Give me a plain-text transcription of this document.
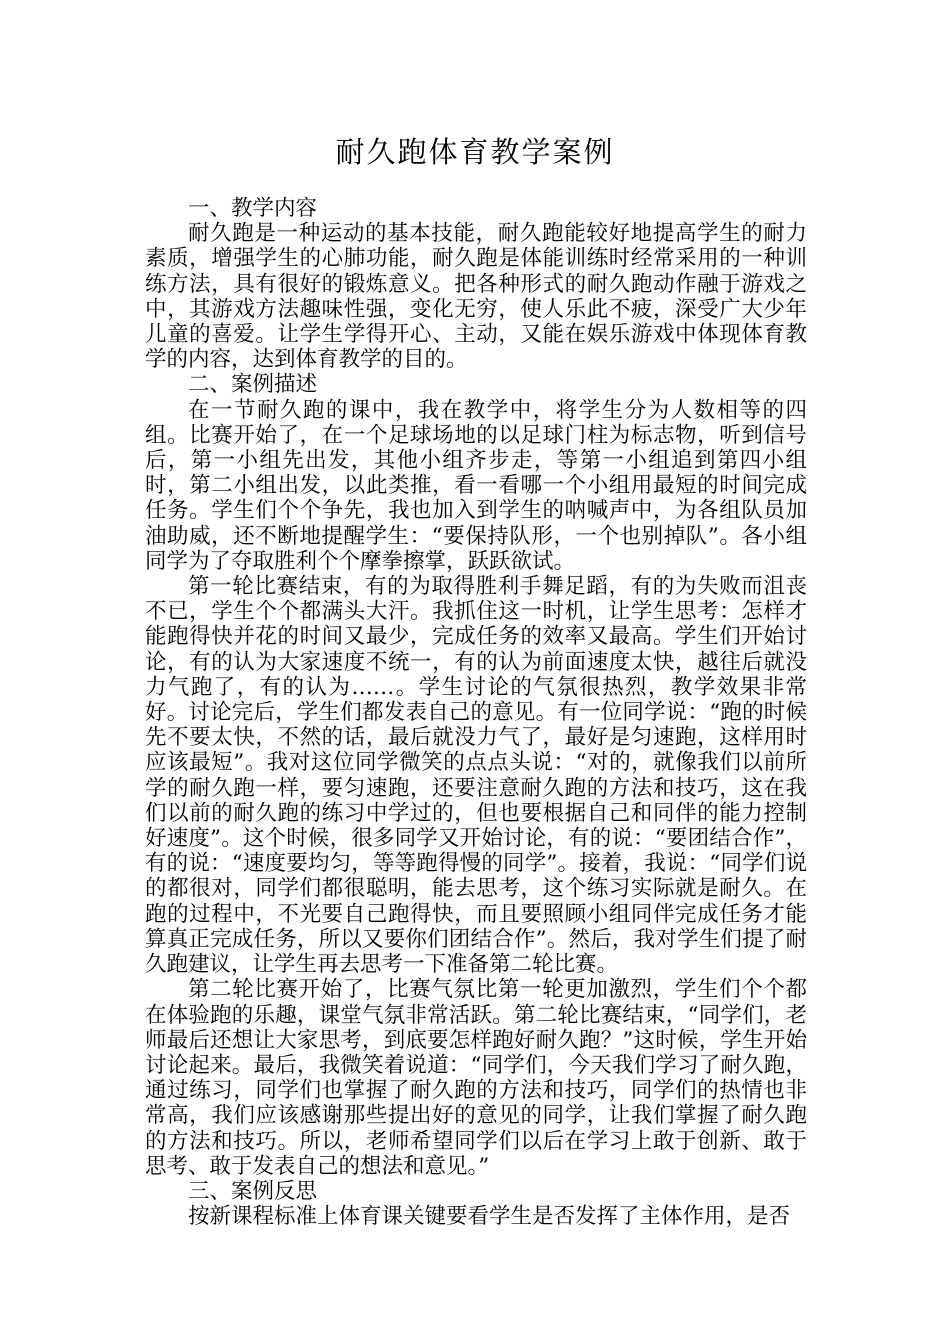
耐久跑体育教学案例

一、教学内容

耐久跑是一种运动的基本技能，耐久跑能较好地提高学生的耐力素质，增强学生的心肺功能，耐久跑是体能训练时经常采用的一种训练方法，具有很好的锻炼意义。把各种形式的耐久跑动作融于游戏之中，其游戏方法趣味性强，变化无穷，使人乐此不疲，深受广大少年儿童的喜爱。让学生学得开心、主动，又能在娱乐游戏中体现体育教学的内容，达到体育教学的目的。

二、案例描述

在一节耐久跑的课中，我在教学中，将学生分为人数相等的四组。比赛开始了，在一个足球场地的以足球门柱为标志物，听到信号后，第一小组先出发，其他小组齐步走，等第一小组追到第四小组时，第二小组出发，以此类推，看一看哪一个小组用最短的时间完成任务。学生们个个争先，我也加入到学生的呐喊声中，为各组队员加油助威，还不断地提醒学生：“要保持队形，一个也别掉队”。各小组同学为了夺取胜利个个摩拳擦掌，跃跃欲试。

第一轮比赛结束，有的为取得胜利手舞足蹈，有的为失败而沮丧不已，学生个个都满头大汗。我抓住这一时机，让学生思考：怎样才能跑得快并花的时间又最少，完成任务的效率又最高。学生们开始讨论，有的认为大家速度不统一，有的认为前面速度太快，越往后就没力气跑了，有的认为……。学生讨论的气氛很热烈，教学效果非常好。讨论完后，学生们都发表自己的意见。有一位同学说：“跑的时候先不要太快，不然的话，最后就没力气了，最好是匀速跑，这样用时应该最短”。我对这位同学微笑的点点头说：“对的，就像我们以前所学的耐久跑一样，要匀速跑，还要注意耐久跑的方法和技巧，这在我们以前的耐久跑的练习中学过的，但也要根据自己和同伴的能力控制好速度”。这个时候，很多同学又开始讨论，有的说：“要团结合作”，有的说：“速度要均匀，等等跑得慢的同学”。接着，我说：“同学们说的都很对，同学们都很聪明，能去思考，这个练习实际就是耐久。在跑的过程中，不光要自己跑得快，而且要照顾小组同伴完成任务才能算真正完成任务，所以又要你们团结合作”。然后，我对学生们提了耐久跑建议，让学生再去思考一下准备第二轮比赛。

第二轮比赛开始了，比赛气氛比第一轮更加激烈，学生们个个都在体验跑的乐趣，课堂气氛非常活跃。第二轮比赛结束，“同学们，老师最后还想让大家思考，到底要怎样跑好耐久跑？”这时候，学生开始讨论起来。最后，我微笑着说道：“同学们，今天我们学习了耐久跑，通过练习，同学们也掌握了耐久跑的方法和技巧，同学们的热情也非常高，我们应该感谢那些提出好的意见的同学，让我们掌握了耐久跑的方法和技巧。所以，老师希望同学们以后在学习上敢于创新、敢于思考、敢于发表自己的想法和意见。”

三、案例反思

按新课程标准上体育课关键要看学生是否发挥了主体作用，是否
